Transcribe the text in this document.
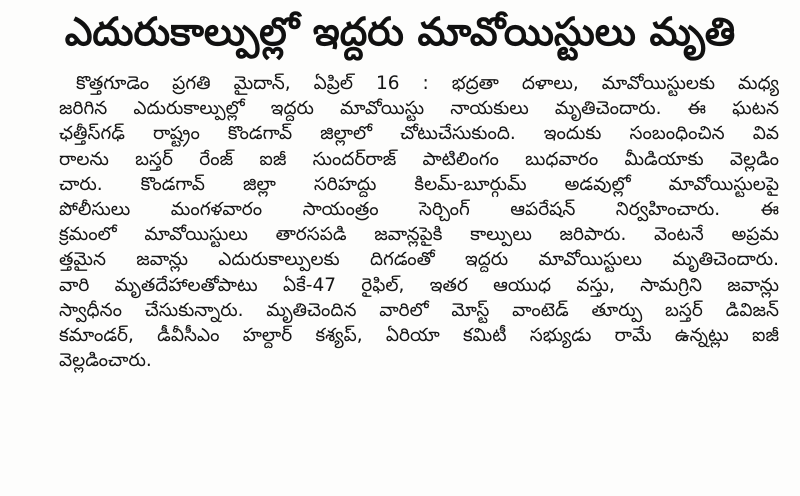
ఎదురుకాల్పుల్లో ఇద్దరు మావోయిస్టులు మృతి
కొత్తగూడెం ప్రగతి మైదాన్, ఏప్రిల్ 16 : భద్రతా దళాలు, మావోయిస్టులకు మధ్య
జరిగిన ఎదురుకాల్పుల్లో ఇద్దరు మావోయిస్టు నాయకులు మృతిచెందారు. ఈ ఘటన
ఛత్తీస్‌గఢ్ రాష్ట్రం కొండగావ్ జిల్లాలో చోటుచేసుకుంది. ఇందుకు సంబంధించిన వివ
రాలను బస్తర్ రేంజ్ ఐజీ సుందర్‌రాజ్ పాటిలింగం బుధవారం మీడియాకు వెల్లడిం
చారు. కొండగావ్ జిల్లా సరిహద్దు కిలమ్-బూర్గుమ్ అడవుల్లో మావోయిస్టులపై
పోలీసులు మంగళవారం సాయంత్రం సెర్చింగ్ ఆపరేషన్ నిర్వహించారు. ఈ
క్రమంలో మావోయిస్టులు తారసపడి జవాన్లపైకి కాల్పులు జరిపారు. వెంటనే అప్రమ
త్తమైన జవాన్లు ఎదురుకాల్పులకు దిగడంతో ఇద్దరు మావోయిస్టులు మృతిచెందారు.
వారి మృతదేహాలతోపాటు ఏకే-47 రైఫిల్, ఇతర ఆయుధ వస్తు, సామగ్రిని జవాన్లు
స్వాధీనం చేసుకున్నారు. మృతిచెందిన వారిలో మోస్ట్ వాంటెడ్ తూర్పు బస్తర్ డివిజన్
కమాండర్, డీవీసీఎం హల్దార్ కశ్యప్, ఏరియా కమిటీ సభ్యుడు రామే ఉన్నట్లు ఐజీ
వెల్లడించారు.
